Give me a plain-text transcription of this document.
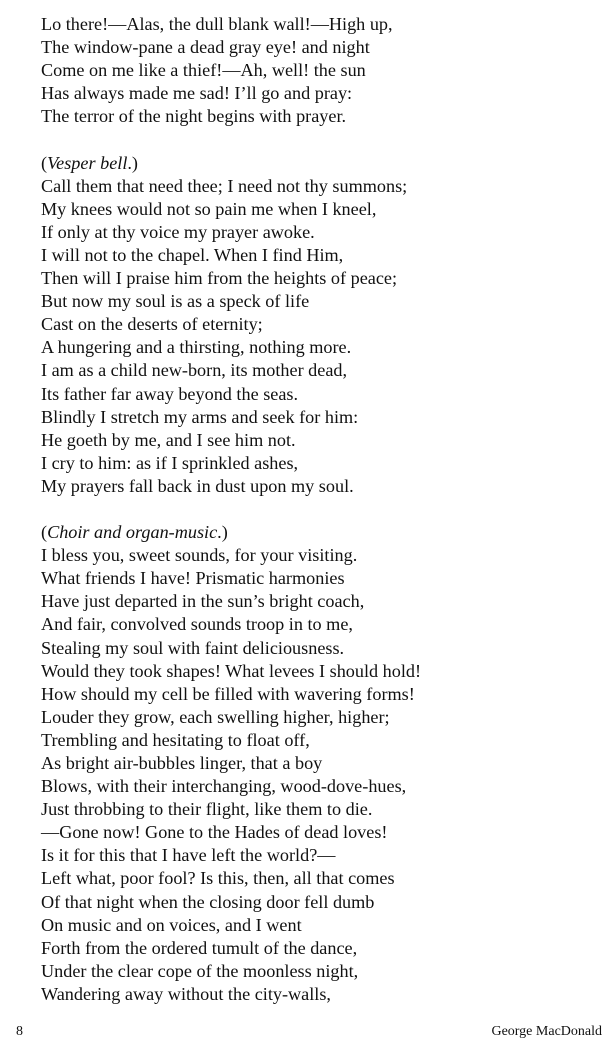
Lo there!—Alas, the dull blank wall!—High up,
The window-pane a dead gray eye! and night
Come on me like a thief!—Ah, well! the sun
Has always made me sad! I’ll go and pray:
The terror of the night begins with prayer.
(Vesper bell.)
Call them that need thee; I need not thy summons;
My knees would not so pain me when I kneel,
If only at thy voice my prayer awoke.
I will not to the chapel. When I find Him,
Then will I praise him from the heights of peace;
But now my soul is as a speck of life
Cast on the deserts of eternity;
A hungering and a thirsting, nothing more.
I am as a child new-born, its mother dead,
Its father far away beyond the seas.
Blindly I stretch my arms and seek for him:
He goeth by me, and I see him not.
I cry to him: as if I sprinkled ashes,
My prayers fall back in dust upon my soul.
(Choir and organ-music.)
I bless you, sweet sounds, for your visiting.
What friends I have! Prismatic harmonies
Have just departed in the sun’s bright coach,
And fair, convolved sounds troop in to me,
Stealing my soul with faint deliciousness.
Would they took shapes! What levees I should hold!
How should my cell be filled with wavering forms!
Louder they grow, each swelling higher, higher;
Trembling and hesitating to float off,
As bright air-bubbles linger, that a boy
Blows, with their interchanging, wood-dove-hues,
Just throbbing to their flight, like them to die.
—Gone now! Gone to the Hades of dead loves!
Is it for this that I have left the world?—
Left what, poor fool? Is this, then, all that comes
Of that night when the closing door fell dumb
On music and on voices, and I went
Forth from the ordered tumult of the dance,
Under the clear cope of the moonless night,
Wandering away without the city-walls,
8	George MacDonald
